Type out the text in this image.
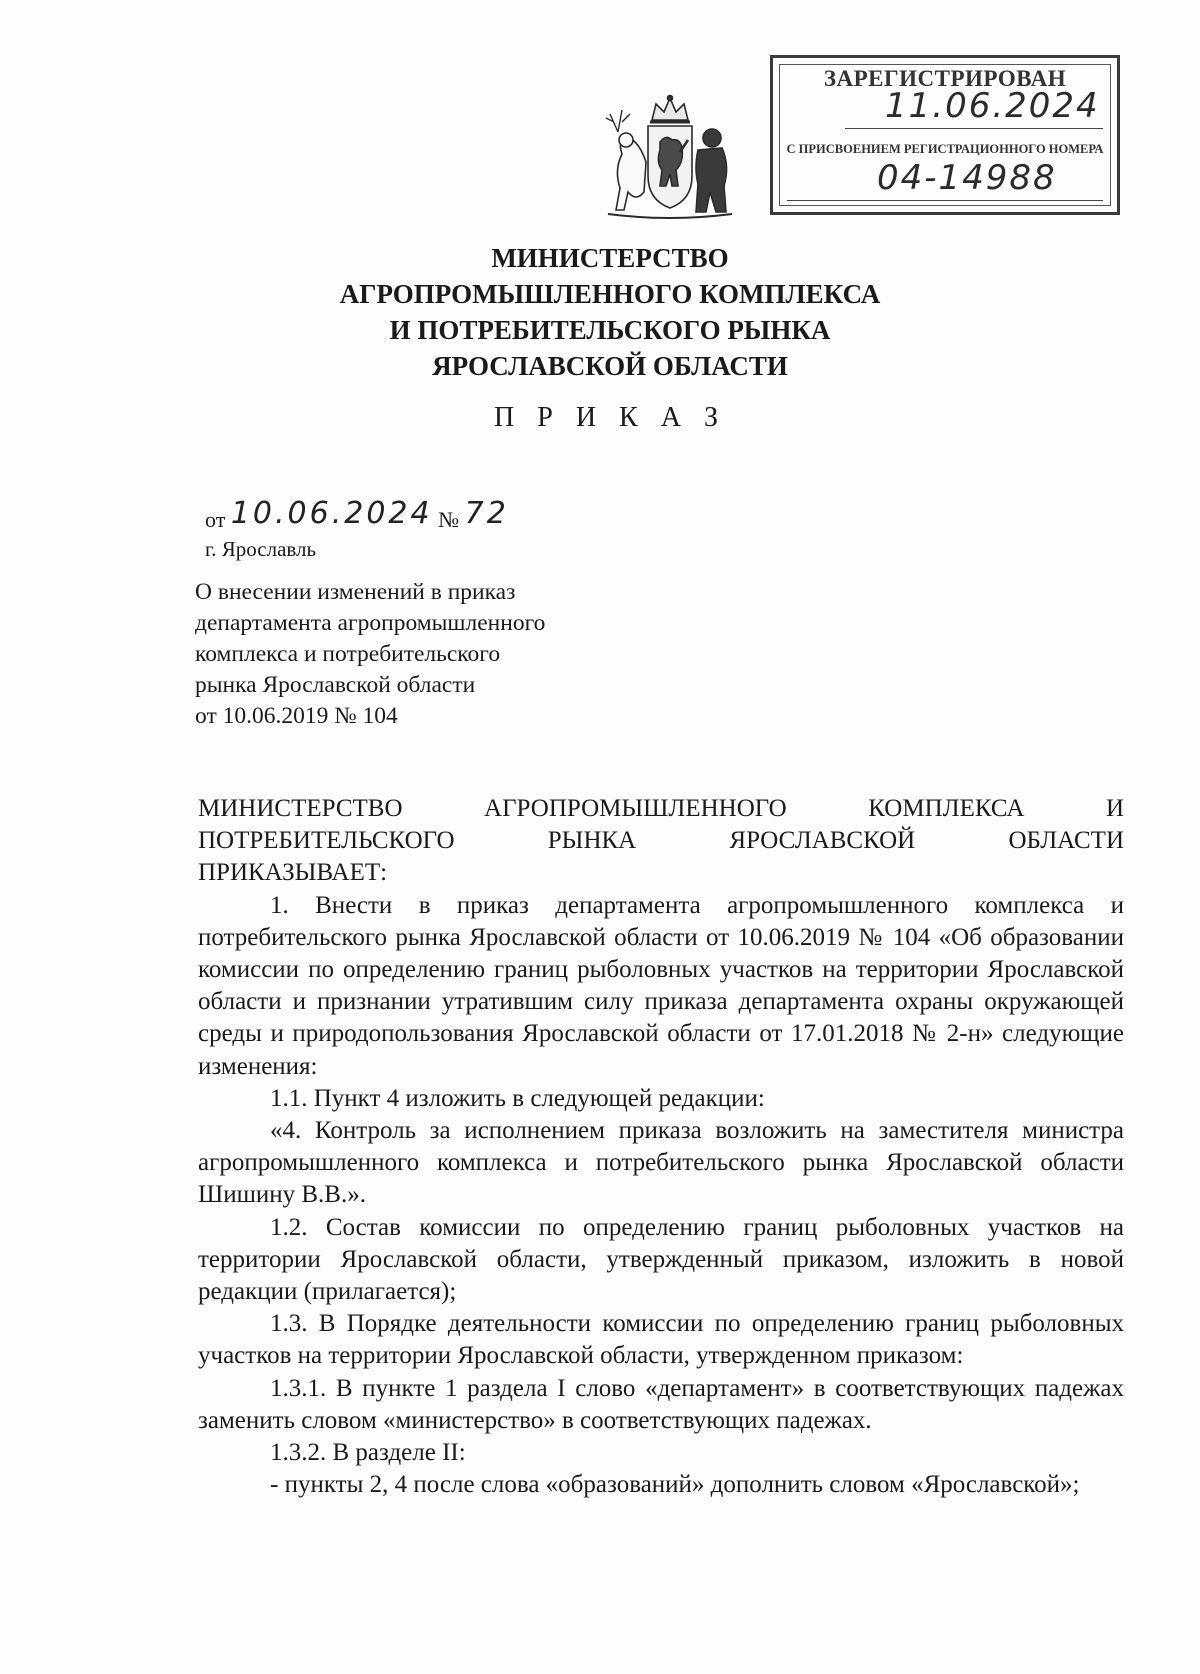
ЗАРЕГИСТРИРОВАН
11.06.2024
С ПРИСВОЕНИЕМ РЕГИСТРАЦИОННОГО НОМЕРА
04-14988
МИНИСТЕРСТВО
АГРОПРОМЫШЛЕННОГО КОМПЛЕКСА
И ПОТРЕБИТЕЛЬСКОГО РЫНКА
ЯРОСЛАВСКОЙ ОБЛАСТИ
П Р И К А З
от 10.06.2024 № 72
г. Ярославль
О внесении изменений в приказ
департамента агропромышленного
комплекса и потребительского
рынка Ярославской области
от 10.06.2019 № 104

МИНИСТЕРСТВО АГРОПРОМЫШЛЕННОГО КОМПЛЕКСА И

ПОТРЕБИТЕЛЬСКОГО РЫНКА ЯРОСЛАВСКОЙ ОБЛАСТИ

ПРИКАЗЫВАЕТ:

1. Внести в приказ департамента агропромышленного комплекса и потребительского рынка Ярославской области от 10.06.2019 № 104 «Об образовании комиссии по определению границ рыболовных участков на территории Ярославской области и признании утратившим силу приказа департамента охраны окружающей среды и природопользования Ярославской области от 17.01.2018 № 2-н» следующие изменения:

1.1. Пункт 4 изложить в следующей редакции:

«4. Контроль за исполнением приказа возложить на заместителя министра агропромышленного комплекса и потребительского рынка Ярославской области Шишину В.В.».

1.2. Состав комиссии по определению границ рыболовных участков на территории Ярославской области, утвержденный приказом, изложить в новой редакции (прилагается);

1.3. В Порядке деятельности комиссии по определению границ рыболовных участков на территории Ярославской области, утвержденном приказом:

1.3.1. В пункте 1 раздела I слово «департамент» в соответствующих падежах заменить словом «министерство» в соответствующих падежах.

1.3.2. В разделе II:

- пункты 2, 4 после слова «образований» дополнить словом «Ярославской»;
